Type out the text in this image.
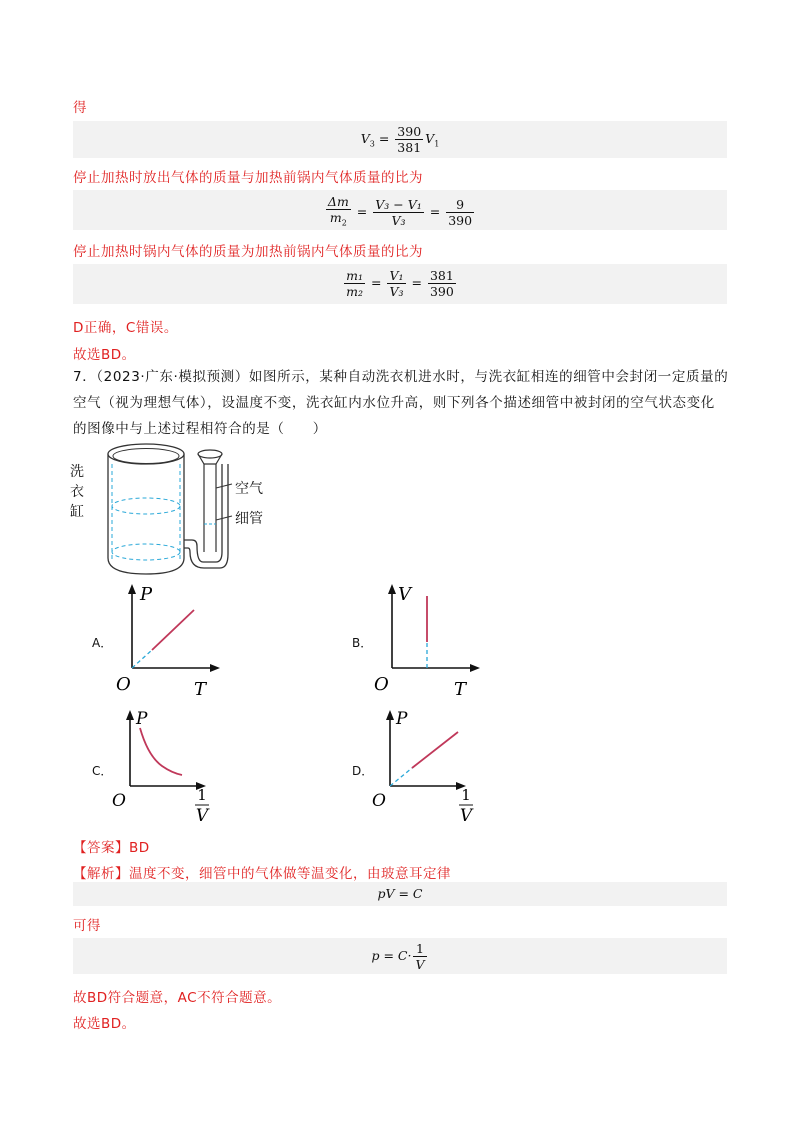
得
$V_3 = \frac{390}{381} V_1$
停止加热时放出气体的质量与加热前锅内气体质量的比为
$\frac{\Delta m}{m_2} = \frac{\text{V₃ − V₁}}{\text{V₃}} = \frac{9}{390}$
停止加热时锅内气体的质量为加热前锅内气体质量的比为
$\frac{\text{m₁}}{\text{m₂}} = \frac{\text{V₁}}{\text{V₃}} = \frac{381}{390}$
D正确，C错误。
故选BD。
7．（2023·广东·模拟预测）如图所示，某种自动洗衣机进水时，与洗衣缸相连的细管中会封闭一定质量的
空气（视为理想气体），设温度不变，洗衣缸内水位升高，则下列各个描述细管中被封闭的空气状态变化
的图像中与上述过程相符合的是（　　）
洗
衣
缸
空气
细管
A．
P
T
O
B．
V
T
O
C．
P
O	1
V
D．
P
O	1
V
【答案】BD
【解析】温度不变，细管中的气体做等温变化，由玻意耳定律
pV = C
可得
$p = C\cdot \frac{1}{V}$
故BD符合题意，AC不符合题意。
故选BD。
